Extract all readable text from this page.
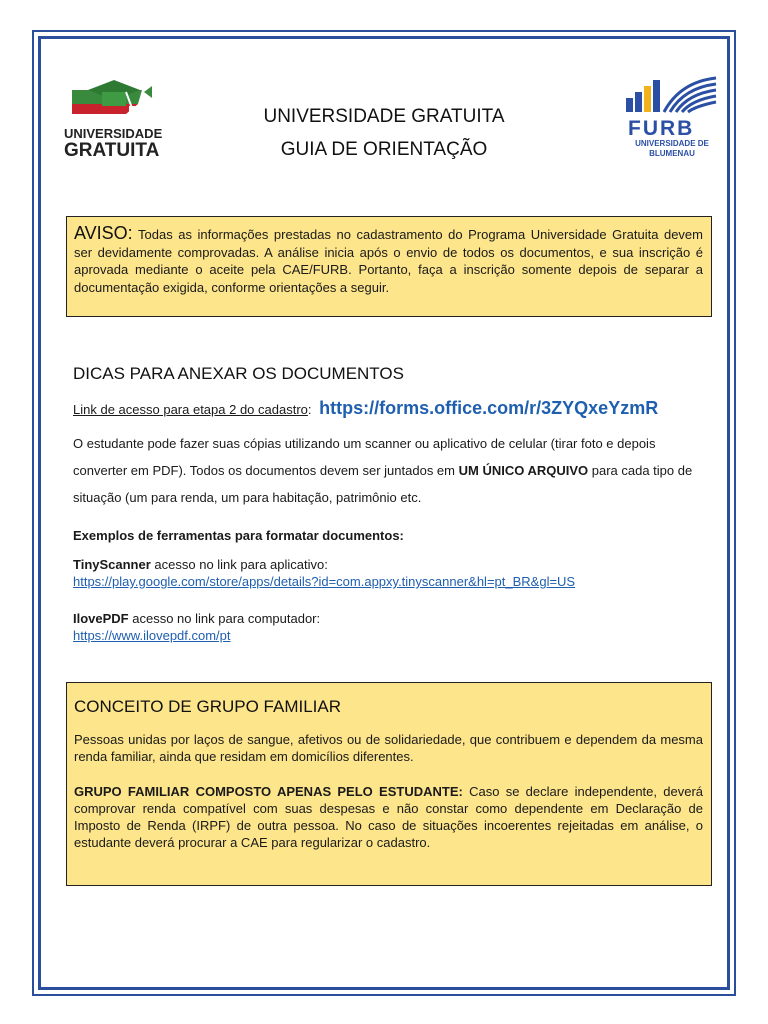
UNIVERSIDADE
GRATUITA
UNIVERSIDADE GRATUITA
GUIA DE ORIENTAÇÃO
FURB
UNIVERSIDADE DE
BLUMENAU
AVISO: Todas as informações prestadas no cadastramento do Programa Universidade Gratuita devem ser devidamente comprovadas. A análise inicia após o envio de todos os documentos, e sua inscrição é aprovada mediante o aceite pela CAE/FURB. Portanto, faça a inscrição somente depois de separar a documentação exigida, conforme orientações a seguir.
DICAS PARA ANEXAR OS DOCUMENTOS
Link de acesso para etapa 2 do cadastro: https://forms.office.com/r/3ZYQxeYzmR
O estudante pode fazer suas cópias utilizando um scanner ou aplicativo de celular (tirar foto e depois converter em PDF). Todos os documentos devem ser juntados em UM ÚNICO ARQUIVO para cada tipo de situação (um para renda, um para habitação, patrimônio etc.
Exemplos de ferramentas para formatar documentos:
TinyScanner acesso no link para aplicativo:
https://play.google.com/store/apps/details?id=com.appxy.tinyscanner&hl=pt_BR&gl=US
IlovePDF acesso no link para computador:
https://www.ilovepdf.com/pt
CONCEITO DE GRUPO FAMILIAR

Pessoas unidas por laços de sangue, afetivos ou de solidariedade, que contribuem e dependem da mesma renda familiar, ainda que residam em domicílios diferentes.

GRUPO FAMILIAR COMPOSTO APENAS PELO ESTUDANTE: Caso se declare independente, deverá comprovar renda compatível com suas despesas e não constar como dependente em Declaração de Imposto de Renda (IRPF) de outra pessoa. No caso de situações incoerentes rejeitadas em análise, o estudante deverá procurar a CAE para regularizar o cadastro.
